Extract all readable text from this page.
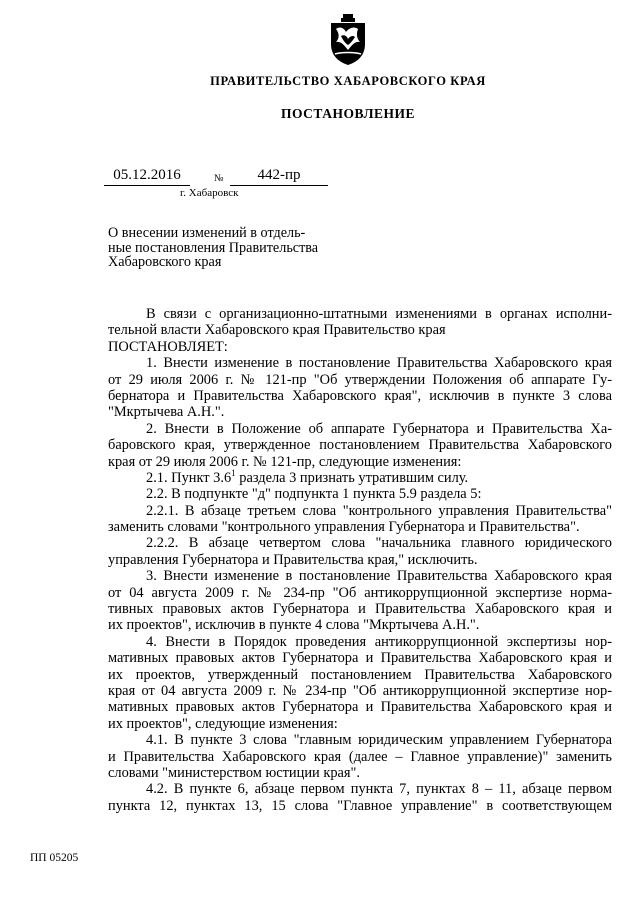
ПРАВИТЕЛЬСТВО ХАБАРОВСКОГО КРАЯ
ПОСТАНОВЛЕНИЕ
05.12.2016	№	442-пр
г. Хабаровск
О внесении изменений в отдель-
ные постановления Правительства
Хабаровского края
В связи с организационно-штатными изменениями в органах исполни-
тельной власти Хабаровского края Правительство края
ПОСТАНОВЛЯЕТ:
1. Внести изменение в постановление Правительства Хабаровского края
от 29 июля 2006 г. № 121-пр "Об утверждении Положения об аппарате Гу-
бернатора и Правительства Хабаровского края", исключив в пункте 3 слова
"Мкртычева А.Н.".
2. Внести в Положение об аппарате Губернатора и Правительства Ха-
баровского края, утвержденное постановлением Правительства Хабаровского
края от 29 июля 2006 г. № 121-пр, следующие изменения:
2.1. Пункт $3.6^1$ раздела 3 признать утратившим силу.
2.2. В подпункте "д" подпункта 1 пункта 5.9 раздела 5:
2.2.1. В абзаце третьем слова "контрольного управления Правительства"
заменить словами "контрольного управления Губернатора и Правительства".
2.2.2. В абзаце четвертом слова "начальника главного юридического
управления Губернатора и Правительства края," исключить.
3. Внести изменение в постановление Правительства Хабаровского края
от 04 августа 2009 г. № 234-пр "Об антикоррупционной экспертизе норма-
тивных правовых актов Губернатора и Правительства Хабаровского края и
их проектов", исключив в пункте 4 слова "Мкртычева А.Н.".
4. Внести в Порядок проведения антикоррупционной экспертизы нор-
мативных правовых актов Губернатора и Правительства Хабаровского края и
их проектов, утвержденный постановлением Правительства Хабаровского
края от 04 августа 2009 г. № 234-пр "Об антикоррупционной экспертизе нор-
мативных правовых актов Губернатора и Правительства Хабаровского края и
их проектов", следующие изменения:
4.1. В пункте 3 слова "главным юридическим управлением Губернатора
и Правительства Хабаровского края (далее – Главное управление)" заменить
словами "министерством юстиции края".
4.2. В пункте 6, абзаце первом пункта 7, пунктах 8 – 11, абзаце первом
пункта 12, пунктах 13, 15 слова "Главное управление" в соответствующем
ПП 05205
